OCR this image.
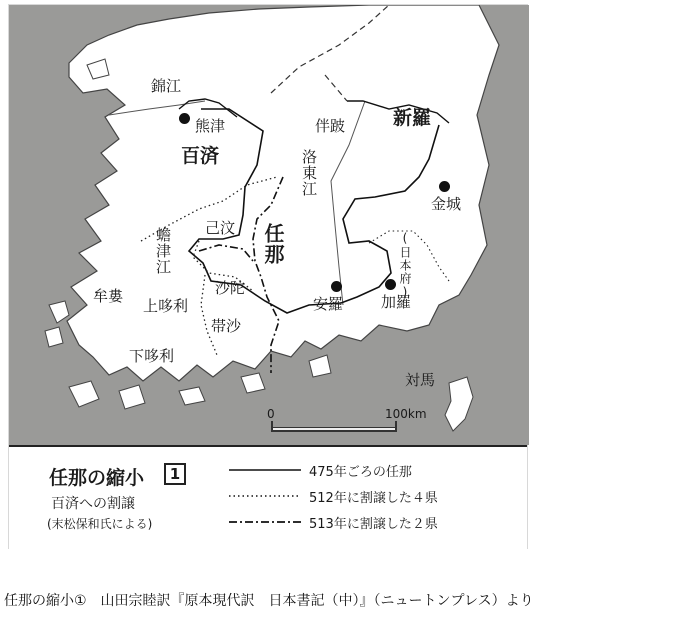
錦江
熊津
百済
伴跛	新羅
洛東江
金城
蟾津江 己汶 任那	(日本府)
沙陀
安羅	加羅
牟婁
上哆利
帯沙
下哆利
対馬
0	100km
任那の縮小	1
百済への割譲
(末松保和氏による)
475年ごろの任那
512年に割譲した４県
513年に割譲した２県
任那の縮小①　山田宗睦訳『原本現代訳　日本書記（中）』（ニュートンプレス）より
